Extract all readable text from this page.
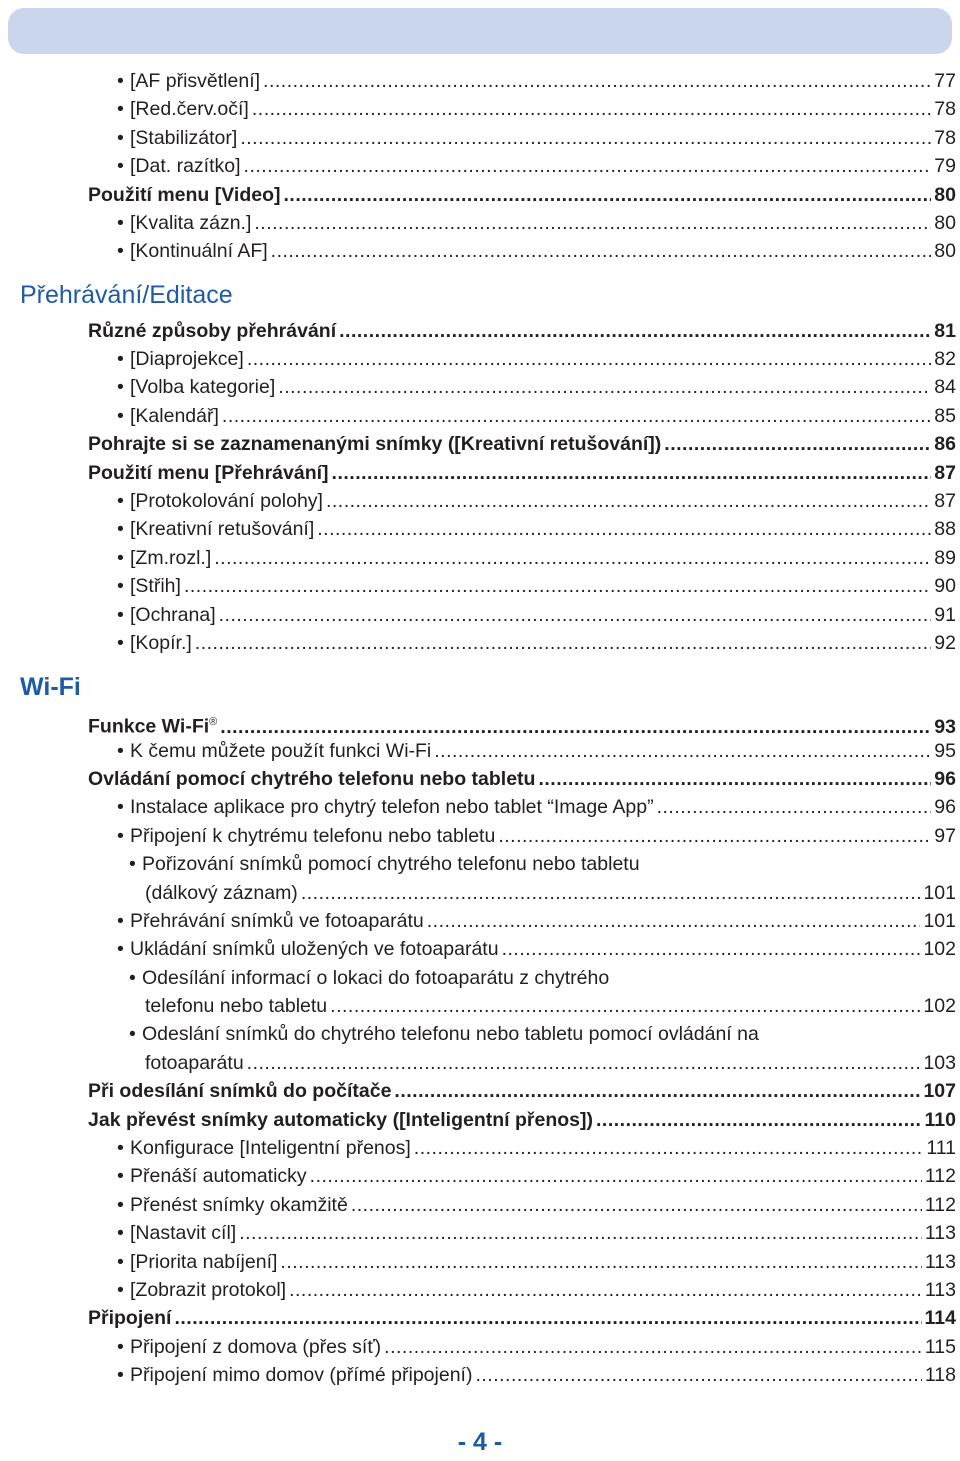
• [AF přisvětlení] .....	77
• [Red.červ.očí] .....	78
• [Stabilizátor] .....	78
• [Dat. razítko] .....	79
Použití menu [Video] .....	80
• [Kvalita zázn.] .....	80
• [Kontinuální AF] .....	80
Přehrávání/Editace
Různé způsoby přehrávání .....	81
• [Diaprojekce] .....	82
• [Volba kategorie] .....	84
• [Kalendář] .....	85
Pohrajte si se zaznamenanými snímky ([Kreativní retušování]) .....	86
Použití menu [Přehrávání] .....	87
• [Protokolování polohy] .....	87
• [Kreativní retušování] .....	88
• [Zm.rozl.] .....	89
• [Střih] .....	90
• [Ochrana] .....	91
• [Kopír.] .....	92
Wi-Fi
Funkce Wi-Fi® .....	93
• K čemu můžete použít funkci Wi-Fi .....	95
Ovládání pomocí chytrého telefonu nebo tabletu .....	96
• Instalace aplikace pro chytrý telefon nebo tablet “Image App” .....	96
• Připojení k chytrému telefonu nebo tabletu .....	97
• Pořizování snímků pomocí chytrého telefonu nebo tabletu
(dálkový záznam) .....	101
• Přehrávání snímků ve fotoaparátu .....	101
• Ukládání snímků uložených ve fotoaparátu .....	102
• Odesílání informací o lokaci do fotoaparátu z chytrého
telefonu nebo tabletu .....	102
• Odeslání snímků do chytrého telefonu nebo tabletu pomocí ovládání na
fotoaparátu .....	103
Při odesílání snímků do počítače .....	107
Jak převést snímky automaticky ([Inteligentní přenos]) .....	110
• Konfigurace [Inteligentní přenos] .....	111
• Přenáší automaticky .....	112
• Přenést snímky okamžitě .....	112
• [Nastavit cíl] .....	113
• [Priorita nabíjení] .....	113
• [Zobrazit protokol] .....	113
Připojení .....	114
• Připojení z domova (přes síť) .....	115
• Připojení mimo domov (přímé připojení) .....	118
- 4 -
